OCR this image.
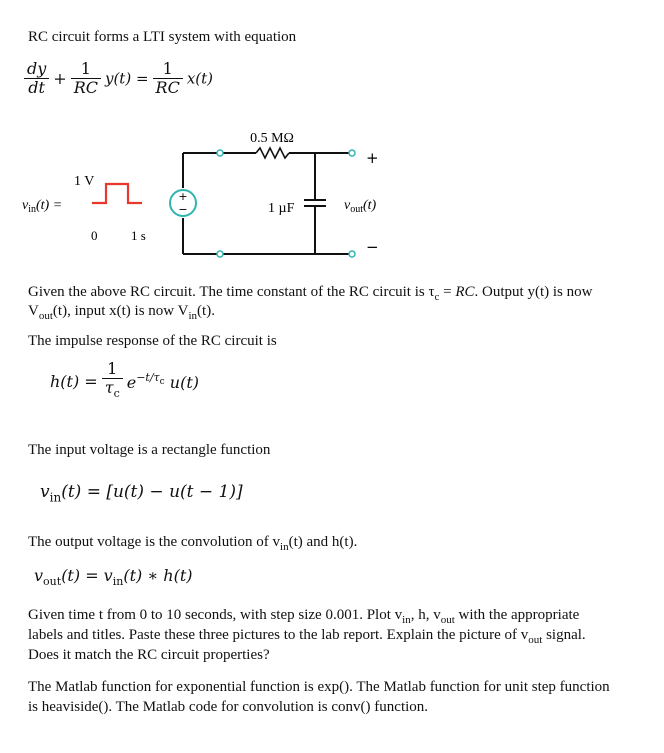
RC circuit forms a LTI system with equation
$\frac{dy}{dt} + \frac{1}{RC} y(t) = \frac{1}{RC} x(t)$
+
−
0.5 MΩ
1 µF
1 V
0	1 s
+
−
$v_{in}(t)$ =	$v_{out}(t)$
Given the above RC circuit. The time constant of the RC circuit is $\tau_c$ = RC. Output y(t) is now
$V_{out}(t)$, input x(t) is now $V_{in}(t)$.
The impulse response of the RC circuit is
$h(t) = \frac{1}{\tau_c} e^{-t/\tau_c}$ u(t)
The input voltage is a rectangle function
$v_{in}(t) = [u(t) - u(t - 1)]$
The output voltage is the convolution of $v_{in}(t)$ and h(t).
$v_{out}(t) = v_{in}(t)$ ∗ h(t)
Given time t from 0 to 10 seconds, with step size 0.001. Plot $v_{in}$, h, $v_{out}$ with the appropriate
labels and titles. Paste these three pictures to the lab report. Explain the picture of $v_{out}$ signal.
Does it match the RC circuit properties?
The Matlab function for exponential function is exp(). The Matlab function for unit step function
is heaviside(). The Matlab code for convolution is conv() function.
